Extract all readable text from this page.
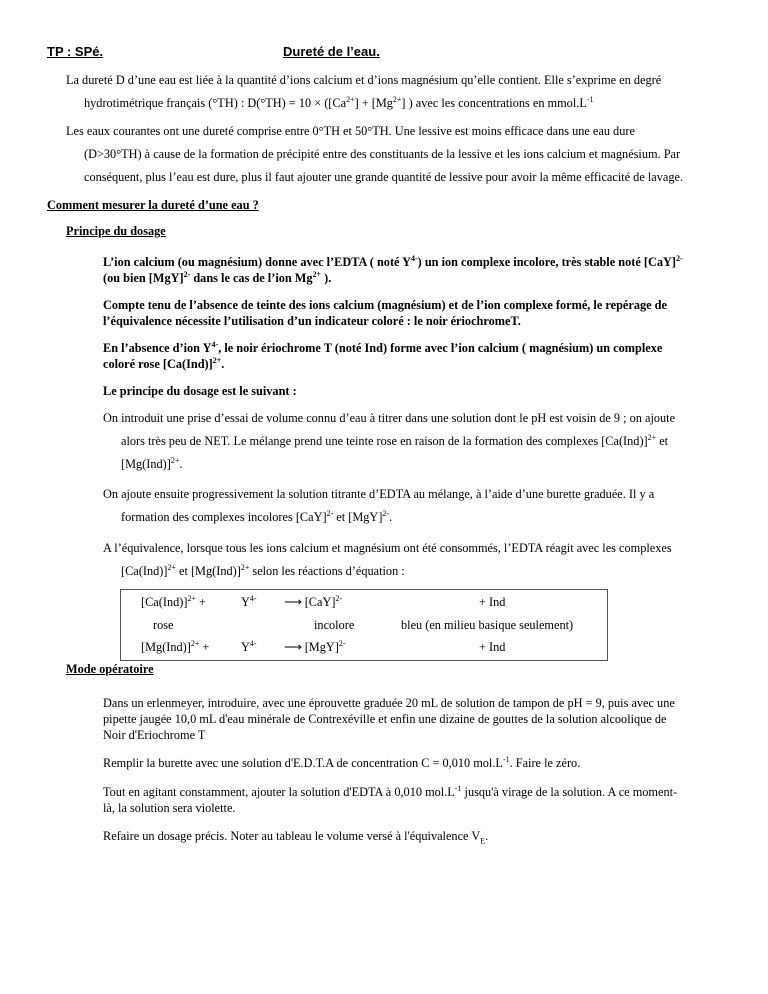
TP : SPé.	Dureté de l’eau.
La dureté D d’une eau est liée à la quantité d’ions calcium et d’ions magnésium qu’elle contient. Elle s’exprime en degré
hydrotimétrique français (°TH) : $D(^\circ TH) = 10 \times ([Ca^{2+}] + [Mg^{2+}]$ ) avec les concentrations en $mmol.L^{-1}$
Les eaux courantes ont une dureté comprise entre 0°TH et 50°TH. Une lessive est moins efficace dans une eau dure
(D>30°TH) à cause de la formation de précipité entre des constituants de la lessive et les ions calcium et magnésium. Par
conséquent, plus l’eau est dure, plus il faut ajouter une grande quantité de lessive pour avoir la même efficacité de lavage.
Comment mesurer la dureté d’une eau ?
Principe du dosage
L’ion calcium (ou magnésium) donne avec l’EDTA ( noté $Y^{4-}$) un ion complexe incolore, très stable noté [CaY]$^{2-}$
(ou bien [MgY]$^{2-}$ dans le cas de l’ion $Mg^{2+}$ ).
Compte tenu de l’absence de teinte des ions calcium (magnésium) et de l’ion complexe formé, le repérage de
l’équivalence nécessite l’utilisation d’un indicateur coloré : le noir ériochromeT.
En l’absence d’ion $Y^{4-}$, le noir ériochrome T (noté Ind) forme avec l’ion calcium ( magnésium) un complexe
coloré rose $[Ca(Ind)]^{2+}$.
Le principe du dosage est le suivant :
On introduit une prise d’essai de volume connu d’eau à titrer dans une solution dont le pH est voisin de 9 ; on ajoute
alors très peu de NET. Le mélange prend une teinte rose en raison de la formation des complexes $[Ca(Ind)]^{2+}$ et
$[Mg(Ind)]^{2+}$.
On ajoute ensuite progressivement la solution titrante d’EDTA au mélange, à l’aide d’une burette graduée. Il y a
formation des complexes incolores [CaY]$^{2-}$ et [MgY]$^{2-}$.
A l’équivalence, lorsque tous les ions calcium et magnésium ont été consommés, l’EDTA réagit avec les complexes
$[Ca(Ind)]^{2+}$ et $[Mg(Ind)]^{2+}$ selon les réactions d’équation :
$[Ca(Ind)]^{2+}$ +	$Y^{4-}$ ⟶ [CaY]$^{2-}$	+ Ind
rose	incolore	bleu (en milieu basique seulement)
$[Mg(Ind)]^{2+}$ +	$Y^{4-}$ ⟶ [MgY]$^{2-}$	+ Ind
Mode opératoire
Dans un erlenmeyer, introduire, avec une éprouvette graduée 20 mL de solution de tampon de pH = 9, puis avec une
pipette jaugée 10,0 mL d'eau minérale de Contrexéville et enfin une dizaine de gouttes de la solution alcoolique de
Noir d'Eriochrome T
Remplir la burette avec une solution d'E.D.T.A de concentration C = 0,010 $mol.L^{-1}$. Faire le zéro.
Tout en agitant constamment, ajouter la solution d'EDTA à 0,010 $mol.L^{-1}$ jusqu'à virage de la solution. A ce moment-
là, la solution sera violette.
Refaire un dosage précis. Noter au tableau le volume versé à l'équivalence $V_E$.
